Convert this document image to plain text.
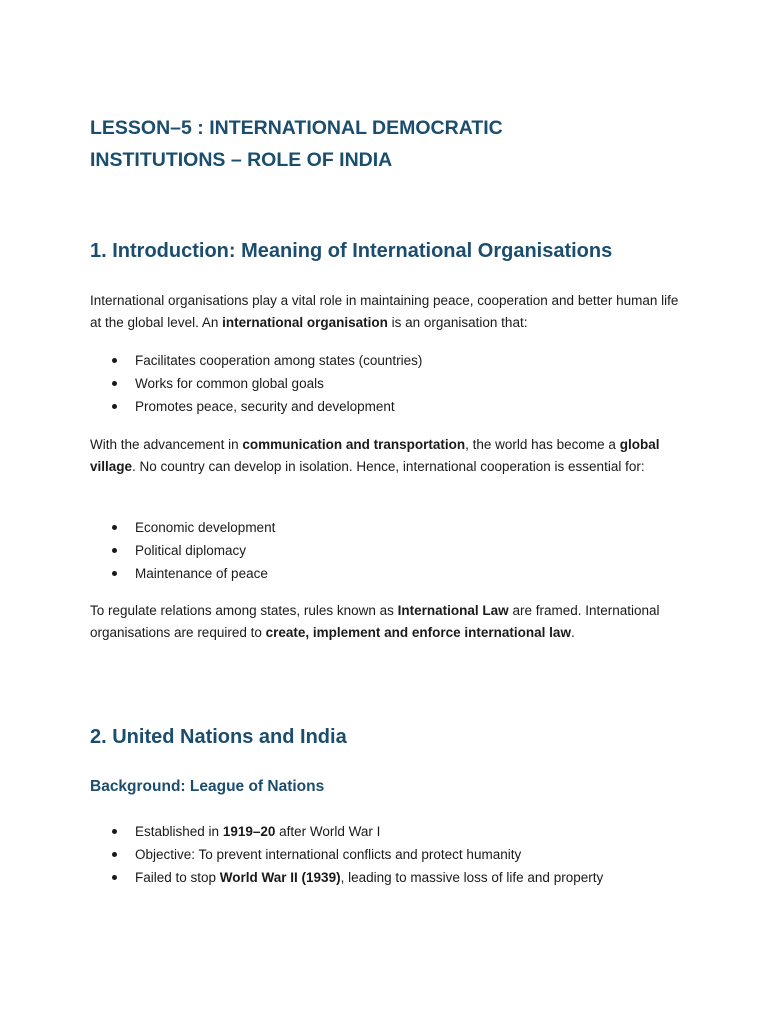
LESSON–5 : INTERNATIONAL DEMOCRATIC
INSTITUTIONS – ROLE OF INDIA
1. Introduction: Meaning of International Organisations

International organisations play a vital role in maintaining peace, cooperation and better human life at the global level. An international organisation is an organisation that:

Facilitates cooperation among states (countries)
Works for common global goals
Promotes peace, security and development

With the advancement in communication and transportation, the world has become a global village. No country can develop in isolation. Hence, international cooperation is essential for:

Economic development
Political diplomacy
Maintenance of peace

To regulate relations among states, rules known as International Law are framed. International organisations are required to create, implement and enforce international law.

2. United Nations and India
Background: League of Nations
Established in 1919–20 after World War I
Objective: To prevent international conflicts and protect humanity
Failed to stop World War II (1939), leading to massive loss of life and property
